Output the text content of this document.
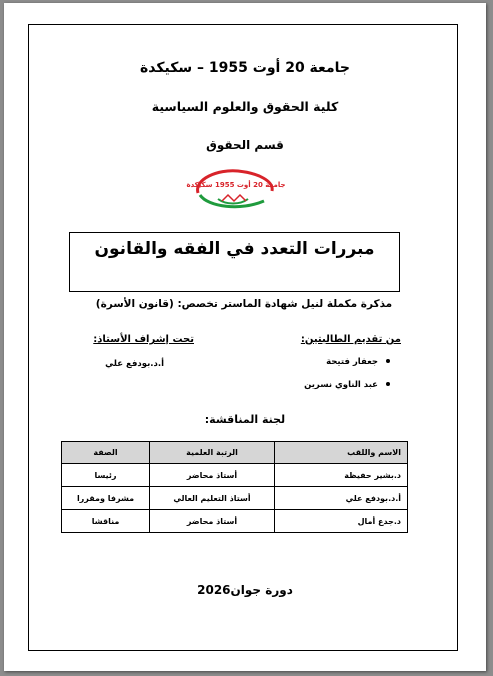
جامعة 20 أوت 1955 – سكيكدة
كلية الحقوق والعلوم السياسية
قسم الحقوق
جامعة 20 أوت 1955 سكيكدة
مبررات التعدد في الفقه والقانون
مذكرة مكملة لنيل شهادة الماستر تخصص: (قانون الأسرة)
من تقديم الطالبتين:
تحت إشراف الأستاذ:
جعفار فتيحة
عبد الناوي نسرين
أ.د.بودفع علي
لجنة المناقشة:
الاسم واللقب	الرتبة العلمية	الصفة
د.بشير حفيظة	أستاذ محاضر	رئيسا
أ.د.بودفع علي	أستاذ التعليم العالي	مشرفا ومقررا
د.جدع أمال	أستاذ محاضر	مناقشا
دورة جوان2026
